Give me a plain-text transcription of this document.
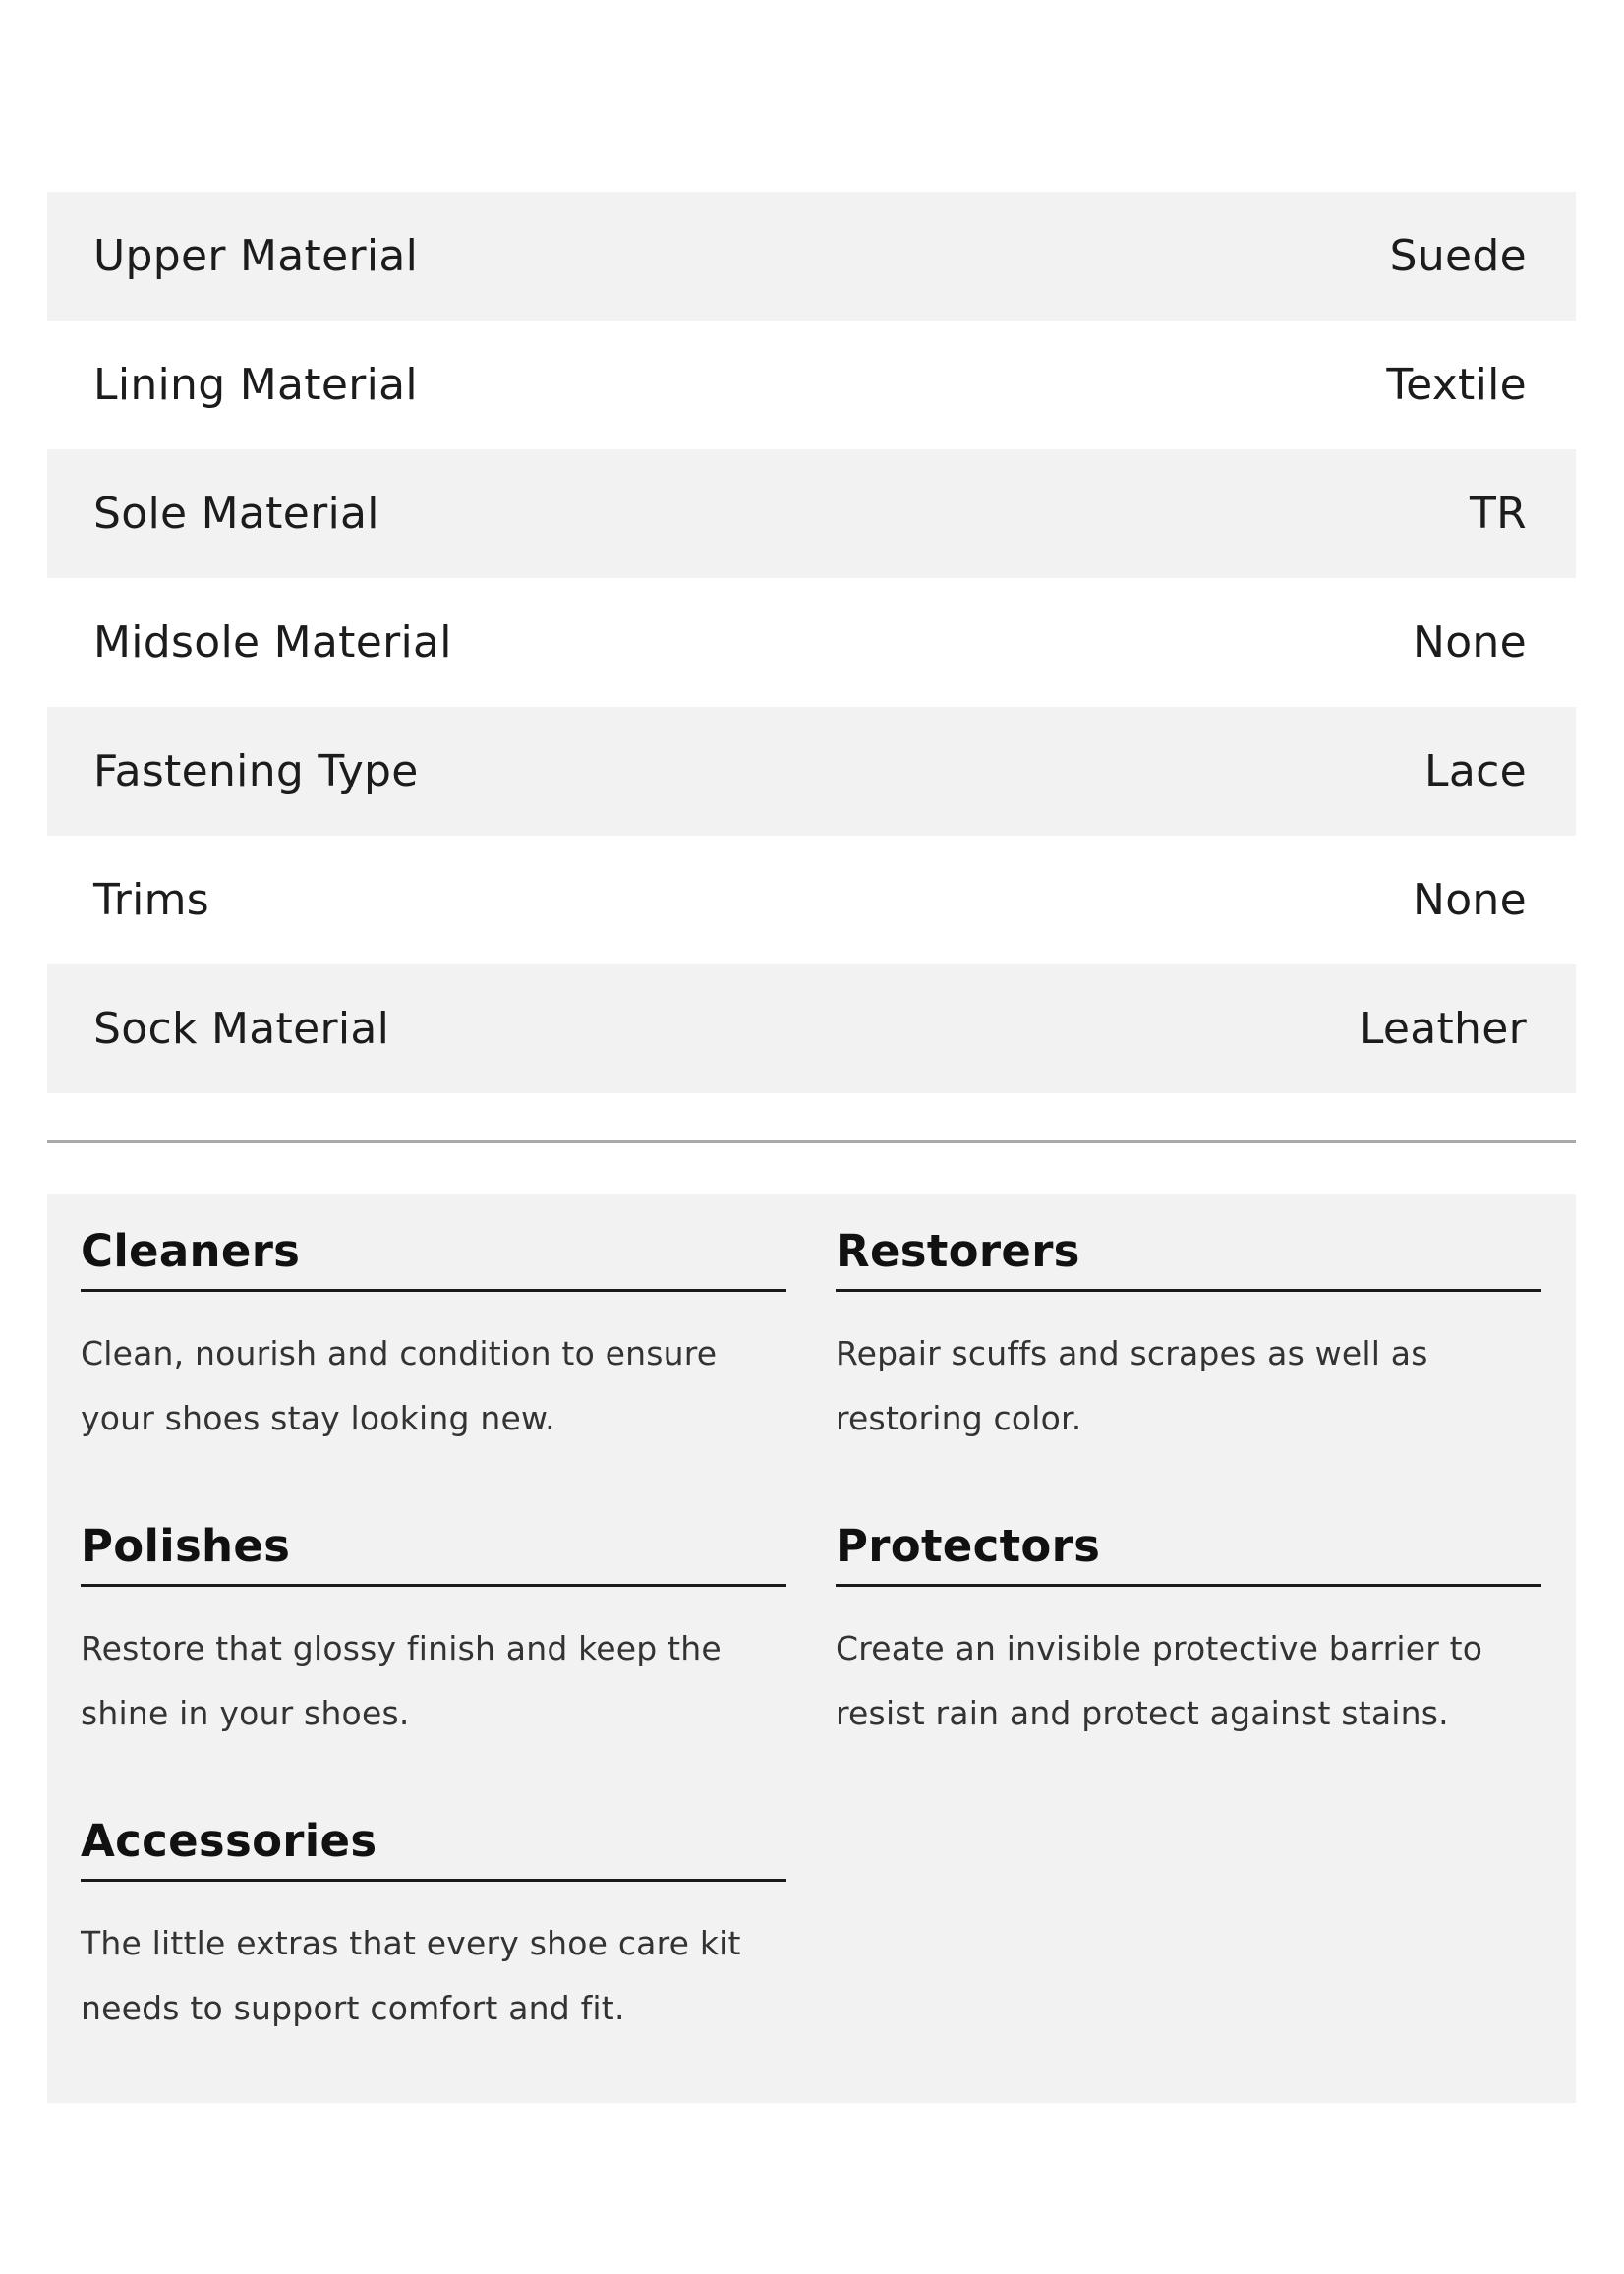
Upper Material	Suede
Lining Material	Textile
Sole Material	TR
Midsole Material	None
Fastening Type	Lace
Trims	None
Sock Material	Leather
Cleaners

Clean, nourish and condition to ensure your shoes stay looking new.

Restorers

Repair scuffs and scrapes as well as restoring color.

Polishes

Restore that glossy finish and keep the shine in your shoes.

Protectors

Create an invisible protective barrier to resist rain and protect against stains.

Accessories

The little extras that every shoe care kit needs to support comfort and fit.
